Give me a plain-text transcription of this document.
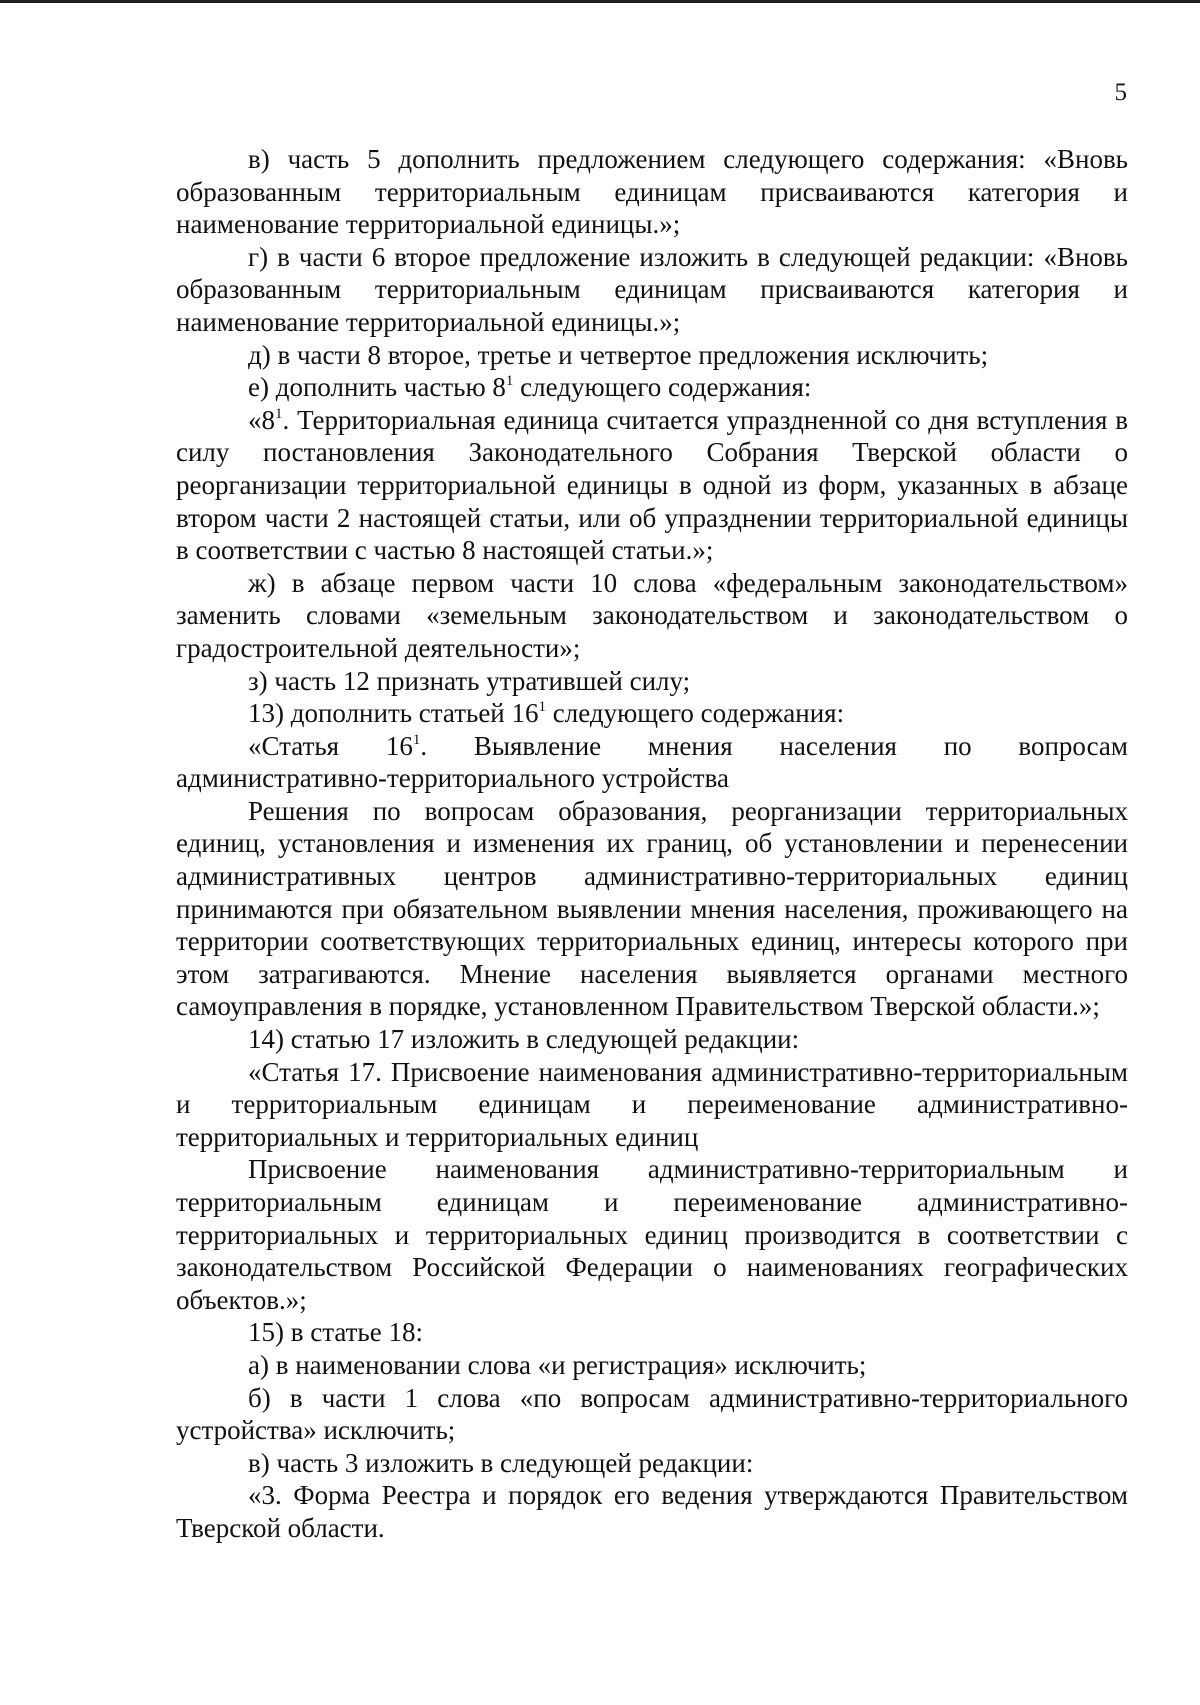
5

в) часть 5 дополнить предложением следующего содержания: «Вновь образованным территориальным единицам присваиваются категория и наименование территориальной единицы.»;

г) в части 6 второе предложение изложить в следующей редакции: «Вновь образованным территориальным единицам присваиваются категория и наименование территориальной единицы.»;

д) в части 8 второе, третье и четвертое предложения исключить;

е) дополнить частью $8^1$ следующего содержания:

«$8^1$. Территориальная единица считается упраздненной со дня вступления в силу постановления Законодательного Собрания Тверской области о реорганизации территориальной единицы в одной из форм, указанных в абзаце втором части 2 настоящей статьи, или об упразднении территориальной единицы в соответствии с частью 8 настоящей статьи.»;

ж) в абзаце первом части 10 слова «федеральным законодательством» заменить словами «земельным законодательством и законодательством о градостроительной деятельности»;

з) часть 12 признать утратившей силу;

13) дополнить статьей $16^1$ следующего содержания:

«Статья $16^1$. Выявление мнения населения по вопросам

административно-территориального устройства

Решения по вопросам образования, реорганизации территориальных единиц, установления и изменения их границ, об установлении и перенесении административных центров административно-территориальных единиц принимаются при обязательном выявлении мнения населения, проживающего на территории соответствующих территориальных единиц, интересы которого при этом затрагиваются. Мнение населения выявляется органами местного самоуправления в порядке, установленном Правительством Тверской области.»;

14) статью 17 изложить в следующей редакции:

«Статья 17. Присвоение наименования административно-территориальным и территориальным единицам и переименование административно-территориальных и территориальных единиц

Присвоение наименования административно-территориальным и территориальным единицам и переименование административно-территориальных и территориальных единиц производится в соответствии с законодательством Российской Федерации о наименованиях географических объектов.»;

15) в статье 18:

а) в наименовании слова «и регистрация» исключить;

б) в части 1 слова «по вопросам административно-территориального устройства» исключить;

в) часть 3 изложить в следующей редакции:

«3. Форма Реестра и порядок его ведения утверждаются Правительством Тверской области.
